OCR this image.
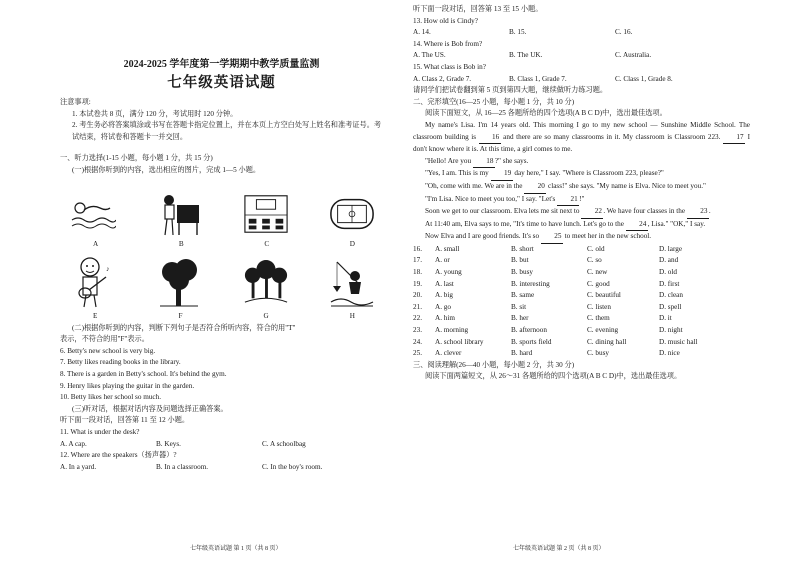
2024-2025 学年度第一学期期中教学质量监测
七年级英语试题
注意事项:
1. 本试卷共 8 页，满分 120 分，考试用时 120 分钟。
2. 考生务必将答案填涂或书写在答题卡指定位置上，并在本页上方空白处写上姓名和准考证号。考试结束，将试卷和答题卡一并交回。
一、听力选择(1-15 小题，每小题 1 分，共 15 分)
(一)根据你听到的内容，选出相应的图片，完成 1—5 小题。
A	B	C	D
♪
E	F	G	H
(二)根据你听到的内容，判断下列句子是否符合所听内容，符合的用"T"
表示，不符合的用"F"表示。
6. Betty's new school is very big.
7. Betty likes reading books in the library.
8. There is a garden in Betty's school. It's behind the gym.
9. Henry likes playing the guitar in the garden.
10. Betty likes her school so much.
(三)听对话，根据对话内容及问题选择正确答案。
听下面一段对话，回答第 11 至 12 小题。
11. What is under the desk?
A. A cap.	B. Keys.	C. A schoolbag
12. Where are the speakers（扬声器）?
A. In a yard.	B. In a classroom.	C. In the boy's room.
七年级英语试题 第 1 页（共 8 页）
听下面一段对话，回答第 13 至 15 小题。
13. How old is Cindy?
A. 14.	B. 15.	C. 16.
14. Where is Bob from?
A. The US.	B. The UK.	C. Australia.
15. What class is Bob in?
A. Class 2, Grade 7.	B. Class 1, Grade 7.	C. Class 1, Grade 8.
请同学们把试卷翻到第 5 页到第四大题，继续做听力练习题。
二、完形填空(16—25 小题，每小题 1 分，共 10 分)
阅读下面短文，从 16—25 各题所给的四个选项(A B C D)中，选出最佳选项。
My name's Lisa. I'm 14 years old. This morning I go to my new school — Sunshine Middle School. The classroom building is 16 and there are so many classrooms in it. My classroom is Classroom 223. 17 I don't know where it is. At this time, a girl comes to me.
"Hello! Are you 18?" she says.
"Yes, I am. This is my 19 day here," I say. "Where is Classroom 223, please?"
"Oh, come with me. We are in the 20 class!" she says. "My name is Elva. Nice to meet you."
"I'm Lisa. Nice to meet you too," I say. "Let's 21!"
Soon we get to our classroom. Elva lets me sit next to 22. We have four classes in the 23.
At 11:40 am, Elva says to me, "It's time to have lunch. Let's go to the 24, Lisa." "OK," I say.
Now Elva and I are good friends. It's so 25 to meet her in the new school.
16.	A. small	B. short	C. old	D. large
17.	A. or	B. but	C. so	D. and
18.	A. young	B. busy	C. new	D. old
19.	A. last	B. interesting	C. good	D. first
20.	A. big	B. same	C. beautiful	D. clean
21.	A. go	B. sit	C. listen	D. spell
22.	A. him	B. her	C. them	D. it
23.	A. morning	B. afternoon	C. evening	D. night
24.	A. school library	B. sports field	C. dining hall	D. music hall
25.	A. clever	B. hard	C. busy	D. nice
三、阅读理解(26—40 小题，每小题 2 分，共 30 分)
阅读下面两篇短文，从 26～31 各题所给的四个选项(A B C D)中，选出最佳选项。
七年级英语试题 第 2 页（共 8 页）
